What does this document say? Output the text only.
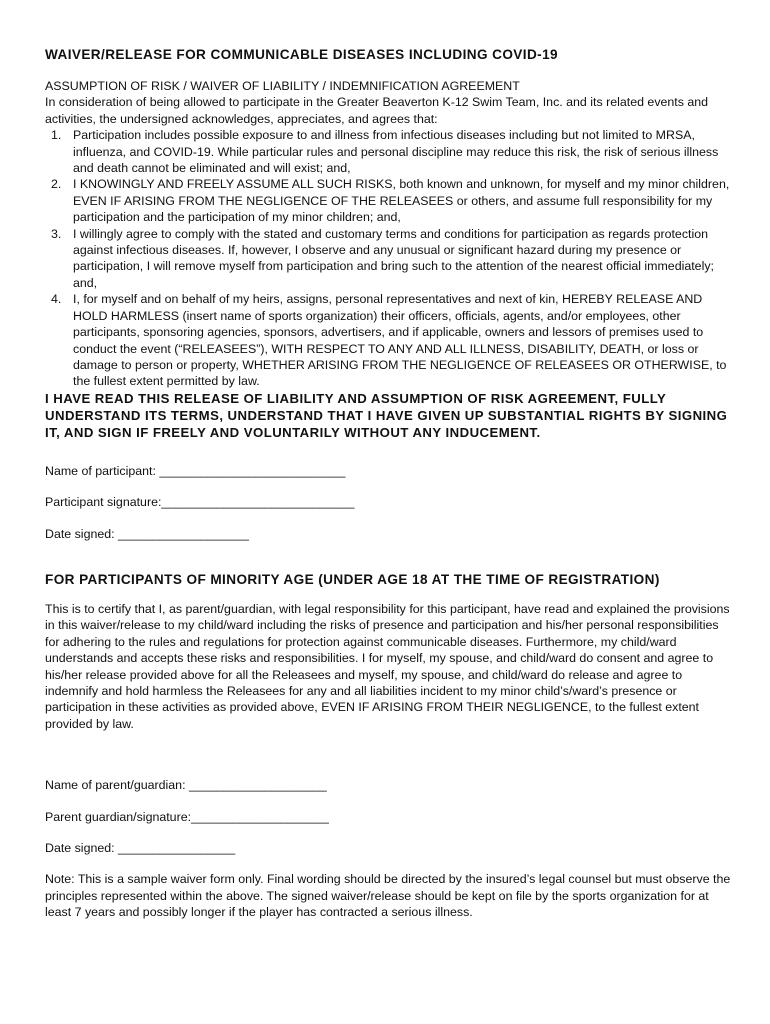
WAIVER/RELEASE FOR COMMUNICABLE DISEASES INCLUDING COVID-19
ASSUMPTION OF RISK / WAIVER OF LIABILITY / INDEMNIFICATION AGREEMENT
In consideration of being allowed to participate in the Greater Beaverton K-12 Swim Team, Inc. and its related events and activities, the undersigned acknowledges, appreciates, and agrees that:
1. Participation includes possible exposure to and illness from infectious diseases including but not limited to MRSA, influenza, and COVID-19. While particular rules and personal discipline may reduce this risk, the risk of serious illness and death cannot be eliminated and will exist; and,
2. I KNOWINGLY AND FREELY ASSUME ALL SUCH RISKS, both known and unknown, for myself and my minor children, EVEN IF ARISING FROM THE NEGLIGENCE OF THE RELEASEES or others, and assume full responsibility for my participation and the participation of my minor children; and,
3. I willingly agree to comply with the stated and customary terms and conditions for participation as regards protection against infectious diseases. If, however, I observe and any unusual or significant hazard during my presence or participation, I will remove myself from participation and bring such to the attention of the nearest official immediately; and,
4. I, for myself and on behalf of my heirs, assigns, personal representatives and next of kin, HEREBY RELEASE AND HOLD HARMLESS (insert name of sports organization) their officers, officials, agents, and/or employees, other participants, sponsoring agencies, sponsors, advertisers, and if applicable, owners and lessors of premises used to conduct the event (“RELEASEES”), WITH RESPECT TO ANY AND ALL ILLNESS, DISABILITY, DEATH, or loss or damage to person or property, WHETHER ARISING FROM THE NEGLIGENCE OF RELEASEES OR OTHERWISE, to the fullest extent permitted by law.
I HAVE READ THIS RELEASE OF LIABILITY AND ASSUMPTION OF RISK AGREEMENT, FULLY UNDERSTAND ITS TERMS, UNDERSTAND THAT I HAVE GIVEN UP SUBSTANTIAL RIGHTS BY SIGNING IT, AND SIGN IF FREELY AND VOLUNTARILY WITHOUT ANY INDUCEMENT.
Name of participant: ___________________________
Participant signature:____________________________
Date signed: ___________________
FOR PARTICIPANTS OF MINORITY AGE (UNDER AGE 18 AT THE TIME OF REGISTRATION)
This is to certify that I, as parent/guardian, with legal responsibility for this participant, have read and explained the provisions in this waiver/release to my child/ward including the risks of presence and participation and his/her personal responsibilities for adhering to the rules and regulations for protection against communicable diseases. Furthermore, my child/ward understands and accepts these risks and responsibilities. I for myself, my spouse, and child/ward do consent and agree to his/her release provided above for all the Releasees and myself, my spouse, and child/ward do release and agree to indemnify and hold harmless the Releasees for any and all liabilities incident to my minor child’s/ward’s presence or participation in these activities as provided above, EVEN IF ARISING FROM THEIR NEGLIGENCE, to the fullest extent provided by law.
Name of parent/guardian: ____________________
Parent guardian/signature:____________________
Date signed: _________________
Note: This is a sample waiver form only. Final wording should be directed by the insured’s legal counsel but must observe the principles represented within the above. The signed waiver/release should be kept on file by the sports organization for at least 7 years and possibly longer if the player has contracted a serious illness.
